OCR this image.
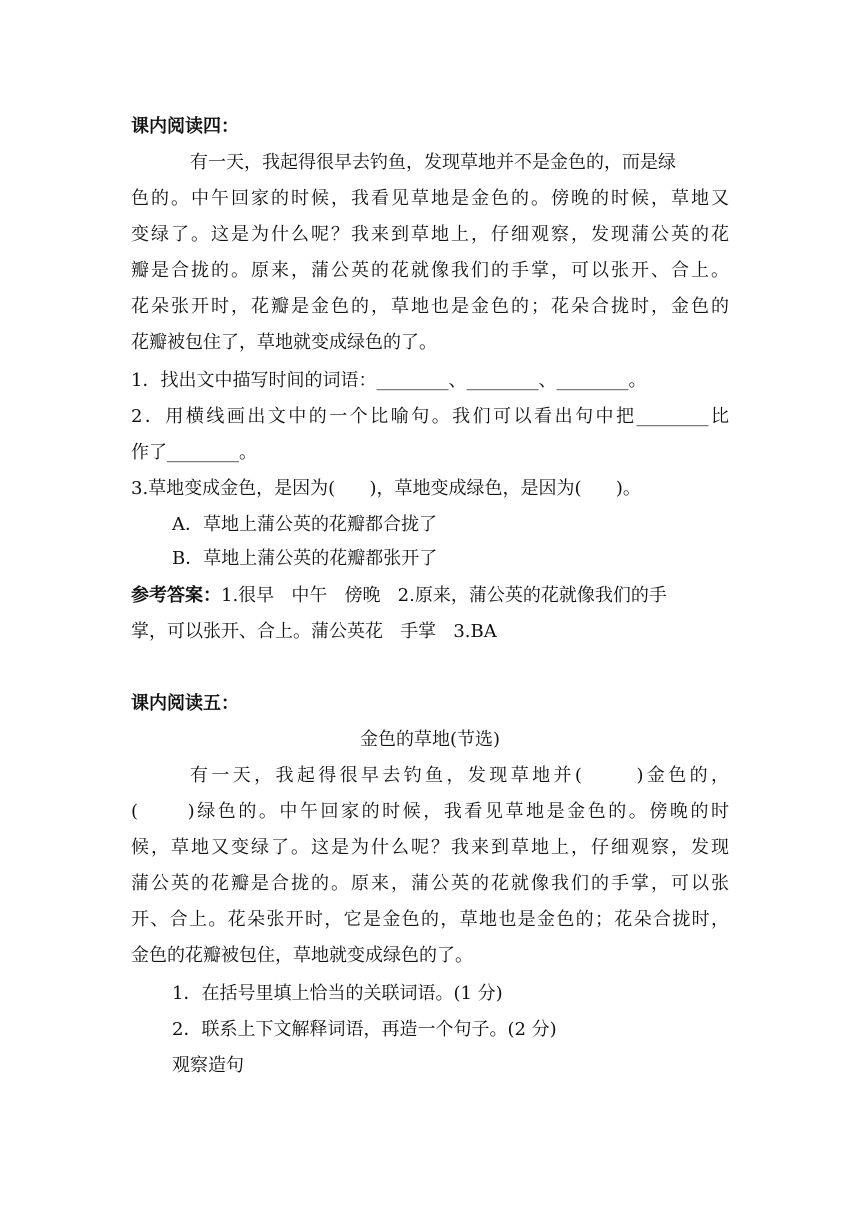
课内阅读四：
有一天，我起得很早去钓鱼，发现草地并不是金色的，而是绿
色的。中午回家的时候，我看见草地是金色的。傍晚的时候，草地又
变绿了。这是为什么呢？我来到草地上，仔细观察，发现蒲公英的花
瓣是合拢的。原来，蒲公英的花就像我们的手掌，可以张开、合上。
花朵张开时，花瓣是金色的，草地也是金色的；花朵合拢时，金色的
花瓣被包住了，草地就变成绿色的了。
1．找出文中描写时间的词语：________、________、________。
2．用横线画出文中的一个比喻句。我们可以看出句中把________比
作了________。
3.草地变成金色，是因为(      )，草地变成绿色，是因为(      )。
A．草地上蒲公英的花瓣都合拢了
B．草地上蒲公英的花瓣都张开了
参考答案：1.很早   中午   傍晚   2.原来，蒲公英的花就像我们的手
掌，可以张开、合上。蒲公英花   手掌   3.BA
课内阅读五：
金色的草地(节选)
有一天，我起得很早去钓鱼，发现草地并(      )金色的，
(      )绿色的。中午回家的时候，我看见草地是金色的。傍晚的时
候，草地又变绿了。这是为什么呢？我来到草地上，仔细观察，发现
蒲公英的花瓣是合拢的。原来，蒲公英的花就像我们的手掌，可以张
开、合上。花朵张开时，它是金色的，草地也是金色的；花朵合拢时，
金色的花瓣被包住，草地就变成绿色的了。
1．在括号里填上恰当的关联词语。(1 分)
2．联系上下文解释词语，再造一个句子。(2 分)
观察造句
